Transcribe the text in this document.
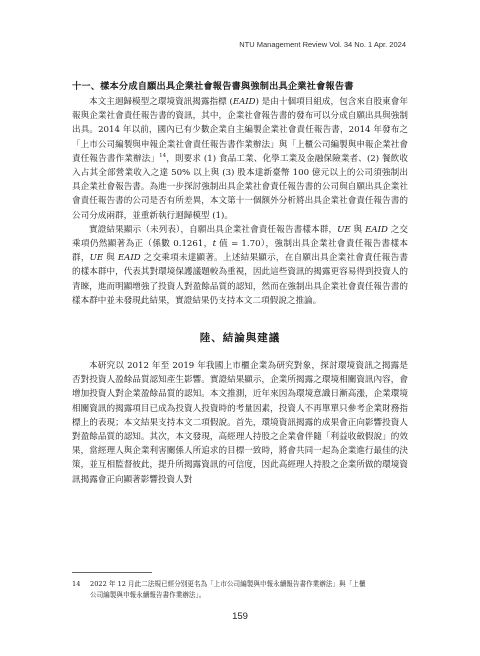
NTU Management Review Vol. 34 No. 1 Apr. 2024
十一、樣本分成自願出具企業社會報告書與強制出具企業社會報告書

本文主迴歸模型之環境資訊揭露指標 (EAID) 是由十個項目組成，包含來自股東會年報與企業社會責任報告書的資訊，其中，企業社會報告書的發布可以分成自願出具與強制出具。2014 年以前，國內已有少數企業自主編製企業社會責任報告書，2014 年發布之「上市公司編製與申報企業社會責任報告書作業辦法」與「上櫃公司編製與申報企業社會責任報告書作業辦法」$^{14}$，則要求 (1) 食品工業、化學工業及金融保險業者、(2) 餐飲收入占其全部營業收入之達 50% 以上與 (3) 股本達新臺幣 100 億元以上的公司須強制出具企業社會報告書。為進一步探討強制出具企業社會責任報告書的公司與自願出具企業社會責任報告書的公司是否有所差異，本文第十一個额外分析將出具企業社會責任報告書的公司分成兩群，並重新執行迴歸模型 (1)。

實證結果顯示（未列表），自願出具企業社會責任報告書樣本群，UE 與 EAID 之交乘項仍然顯著為正（係數 0.1261，t 值 = 1.70），強制出具企業社會責任報告書樣本群，UE 與 EAID 之交乘項未達顯著。上述結果顯示，在自願出具企業社會責任報告書的樣本群中，代表其對環境保護議題較為重視，因此這些資訊的揭露更容易得到投資人的青睞，進而明顯增強了投資人對盈餘品質的認知，然而在強制出具企業社會責任報告書的樣本群中並未發現此結果，實證結果仍支持本文二項假說之推論。

陸、結論與建議

本研究以 2012 年至 2019 年我國上市櫃企業為研究對象，探討環境資訊之揭露是否對投資人盈餘品質認知產生影響。實證結果顯示，企業所揭露之環境相關資訊內容，會增加投資人對企業盈餘品質的認知。本文推測，近年來因為環境意識日漸高漲，企業環境相關資訊的揭露項目已成為投資人投資時的考量因素，投資人不再單單只參考企業財務指標上的表現；本文結果支持本文二項假說。首先，環境資訊揭露的成果會正向影響投資人對盈餘品質的認知。其次，本文發現，高經理人持股之企業會伴隨「利益收斂假說」的效果，當經理人與企業利害關係人所追求的目標一致時，將會共同一起為企業進行最佳的決策，並互相監督彼此，提升所揭露資訊的可信度，因此高經理人持股之企業所做的環境資訊揭露會正向顯著影響投資人對

14 2022 年 12 月此二法規已經分別更名為「上市公司編製與申報永續報告書作業辦法」與「上櫃
公司編製與申報永續報告書作業辦法」。
159
